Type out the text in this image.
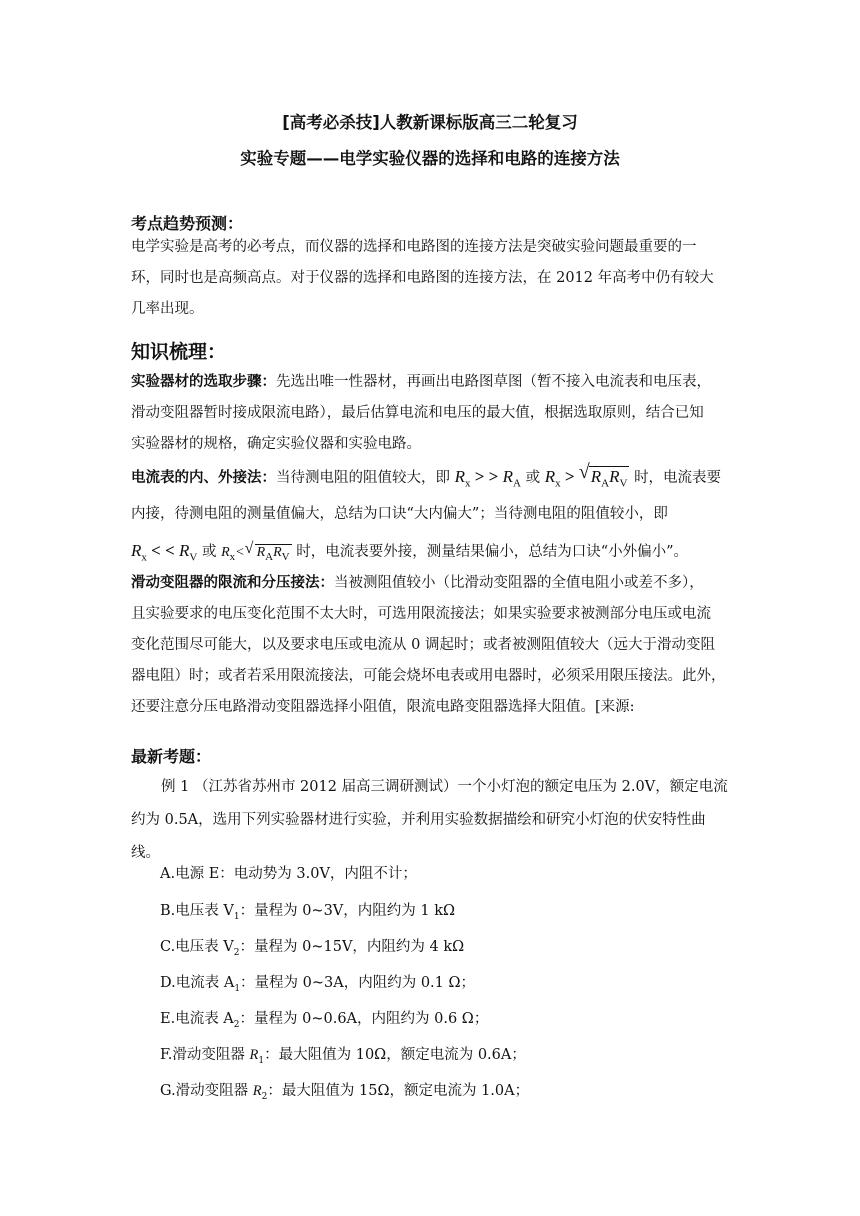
[高考必杀技]人教新课标版高三二轮复习
实验专题——电学实验仪器的选择和电路的连接方法
考点趋势预测：
电学实验是高考的必考点，而仪器的选择和电路图的连接方法是突破实验问题最重要的一
环，同时也是高频高点。对于仪器的选择和电路图的连接方法，在 2012 年高考中仍有较大
几率出现。
知识梳理：
实验器材的选取步骤：先选出唯一性器材，再画出电路图草图（暂不接入电流表和电压表，
滑动变阻器暂时接成限流电路），最后估算电流和电压的最大值，根据选取原则，结合已知
实验器材的规格，确定实验仪器和实验电路。
电流表的内、外接法：当待测电阻的阻值较大，即 $R_x$ > > $R_A$ 或 $R_x$ > √ $R_AR_V$ 时，电流表要
内接，待测电阻的测量值偏大，总结为口诀“大内偏大”；当待测电阻的阻值较小，即
$R_x$ < < $R_V$ 或 $R_x<$ √ $R_AR_V$ 时，电流表要外接，测量结果偏小，总结为口诀“小外偏小”。
滑动变阻器的限流和分压接法：当被测阻值较小（比滑动变阻器的全值电阻小或差不多），
且实验要求的电压变化范围不太大时，可选用限流接法；如果实验要求被测部分电压或电流
变化范围尽可能大，以及要求电压或电流从 0 调起时；或者被测阻值较大（远大于滑动变阻
器电阻）时；或者若采用限流接法，可能会烧坏电表或用电器时，必须采用限压接法。此外，
还要注意分压电路滑动变阻器选择小阻值，限流电路变阻器选择大阻值。[来源:
最新考题：
例 1 （江苏省苏州市 2012 届高三调研测试）一个小灯泡的额定电压为 2.0V，额定电流
约为 0.5A，选用下列实验器材进行实验，并利用实验数据描绘和研究小灯泡的伏安特性曲
线。
A.电源 E：电动势为 3.0V，内阻不计；
B.电压表 $V_1$：量程为 0~3V，内阻约为 1 kΩ
C.电压表 $V_2$：量程为 0~15V，内阻约为 4 kΩ
D.电流表 $A_1$：量程为 0~3A，内阻约为 0.1 Ω；
E.电流表 $A_2$：量程为 0~0.6A，内阻约为 0.6 Ω；
F.滑动变阻器 $R_1$：最大阻值为 10Ω，额定电流为 0.6A；
G.滑动变阻器 $R_2$：最大阻值为 15Ω，额定电流为 1.0A；
